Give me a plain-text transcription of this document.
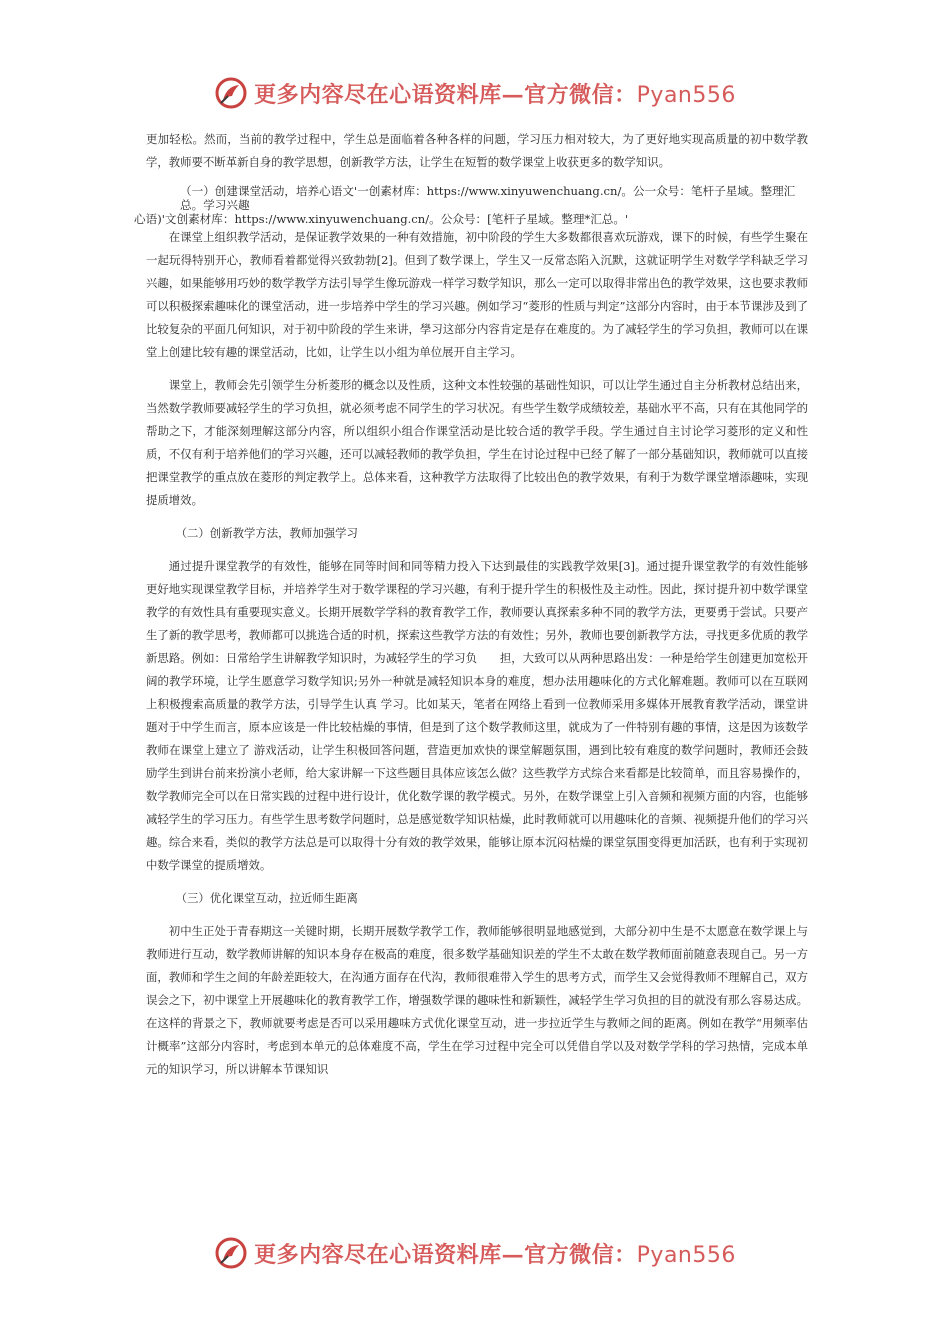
更多内容尽在心语资料库—官方微信：Pyan556

更加轻松。然而，当前的教学过程中，学生总是面临着各种各样的问题，学习压力相对较大，为了更好地实现高质量的初中数学教学，教师要不断革新自身的教学思想，创新教学方法，让学生在短暂的数学课堂上收获更多的数学知识。

（一）创建课堂活动，培养心语文'一创素材库：https://www.xinyuwenchuang.cn/。公一众号：笔杆子星域。整理汇总。学习兴趣
心语)'文创素材库：https://www.xinyuwenchuang.cn/。公众号：[笔杆子星域。整理*汇总。'

在课堂上组织教学活动，是保证教学效果的一种有效措施，初中阶段的学生大多数都很喜欢玩游戏，课下的时候，有些学生聚在一起玩得特别开心，教师看着都觉得兴致勃勃[2]。但到了数学课上，学生又一反常态陷入沉默，这就证明学生对数学学科缺乏学习兴趣，如果能够用巧妙的数学教学方法引导学生像玩游戏一样学习数学知识，那么一定可以取得非常出色的教学效果，这也要求教师可以积极探索趣味化的课堂活动，进一步培养中学生的学习兴趣。例如学习“菱形的性质与判定”这部分内容时，由于本节课涉及到了比较复杂的平面几何知识，对于初中阶段的学生来讲，學习这部分内容肯定是存在难度的。为了减轻学生的学习负担，教师可以在课堂上创建比较有趣的课堂活动，比如，让学生以小组为单位展开自主学习。

课堂上，教师会先引领学生分析菱形的概念以及性质，这种文本性较强的基础性知识，可以让学生通过自主分析教材总结出来，当然数学教师要减轻学生的学习负担，就必须考虑不同学生的学习状况。有些学生数学成绩较差，基础水平不高，只有在其他同学的帮助之下，才能深刻理解这部分内容，所以组织小组合作课堂活动是比较合适的教学手段。学生通过自主讨论学习菱形的定义和性质，不仅有利于培养他们的学习兴趣，还可以减轻教师的教学负担，学生在讨论过程中已经了解了一部分基础知识，教师就可以直接把课堂教学的重点放在菱形的判定教学上。总体来看，这种教学方法取得了比较出色的教学效果，有利于为数学课堂增添趣味，实现提质增效。

（二）创新教学方法，教师加强学习

通过提升课堂教学的有效性，能够在同等时间和同等精力投入下达到最佳的实践教学效果[3]。通过提升课堂教学的有效性能够更好地实现课堂教学目标，并培养学生对于数学课程的学习兴趣，有利于提升学生的积极性及主动性。因此，探讨提升初中数学课堂教学的有效性具有重要现实意义。长期开展数学学科的教育教学工作，教师要认真探索多种不同的教学方法，更要勇于尝试。只要产生了新的教学思考，教师都可以挑选合适的时机，探索这些教学方法的有效性；另外，教师也要创新教学方法，寻找更多优质的教学新思路。例如：日常给学生讲解教学知识时，为减轻学生的学习负　　担，大致可以从两种思路出发：一种是给学生创建更加宽松开阔的教学环境，让学生愿意学习数学知识;另外一种就是减轻知识本身的难度，想办法用趣味化的方式化解难题。教师可以在互联网上积极搜索高质量的教学方法，引导学生认真 学习。比如某天，笔者在网络上看到一位教师采用多媒体开展教育教学活动，课堂讲题对于中学生而言，原本应该是一件比较枯燥的事情，但是到了这个数学教师这里，就成为了一件特别有趣的事情，这是因为该数学教师在课堂上建立了 游戏活动，让学生积极回答问题，营造更加欢快的课堂解题氛围，遇到比较有难度的数学问题时，教师还会鼓励学生到讲台前来扮演小老师，给大家讲解一下这些题目具体应该怎么做？这些教学方式综合来看都是比较简单，而且容易操作的，数学教师完全可以在日常实践的过程中进行设计，优化数学课的教学模式。另外，在数学课堂上引入音频和视频方面的内容，也能够减轻学生的学习压力。有些学生思考数学问题时，总是感觉数学知识枯燥，此时教师就可以用趣味化的音频、视频提升他们的学习兴趣。综合来看，类似的教学方法总是可以取得十分有效的教学效果，能够让原本沉闷枯燥的课堂氛围变得更加活跃，也有利于实现初中数学课堂的提质增效。

（三）优化课堂互动，拉近师生距离

初中生正处于青春期这一关键时期，长期开展数学教学工作，教师能够很明显地感觉到，大部分初中生是不太愿意在数学课上与教师进行互动，数学教师讲解的知识本身存在极高的难度，很多数学基础知识差的学生不太敢在数学教师面前随意表现自己。另一方面，教师和学生之间的年龄差距较大，在沟通方面存在代沟，教师很难带入学生的思考方式，而学生又会觉得教师不理解自己，双方误会之下，初中课堂上开展趣味化的教育教学工作，增强数学课的趣味性和新颖性，减轻学生学习负担的目的就没有那么容易达成。在这样的背景之下，教师就要考虑是否可以采用趣味方式优化课堂互动，进一步拉近学生与教师之间的距离。例如在教学“用频率估计概率”这部分内容时，考虑到本单元的总体难度不高，学生在学习过程中完全可以凭借自学以及对数学学科的学习热情，完成本单元的知识学习，所以讲解本节课知识

更多内容尽在心语资料库—官方微信：Pyan556
